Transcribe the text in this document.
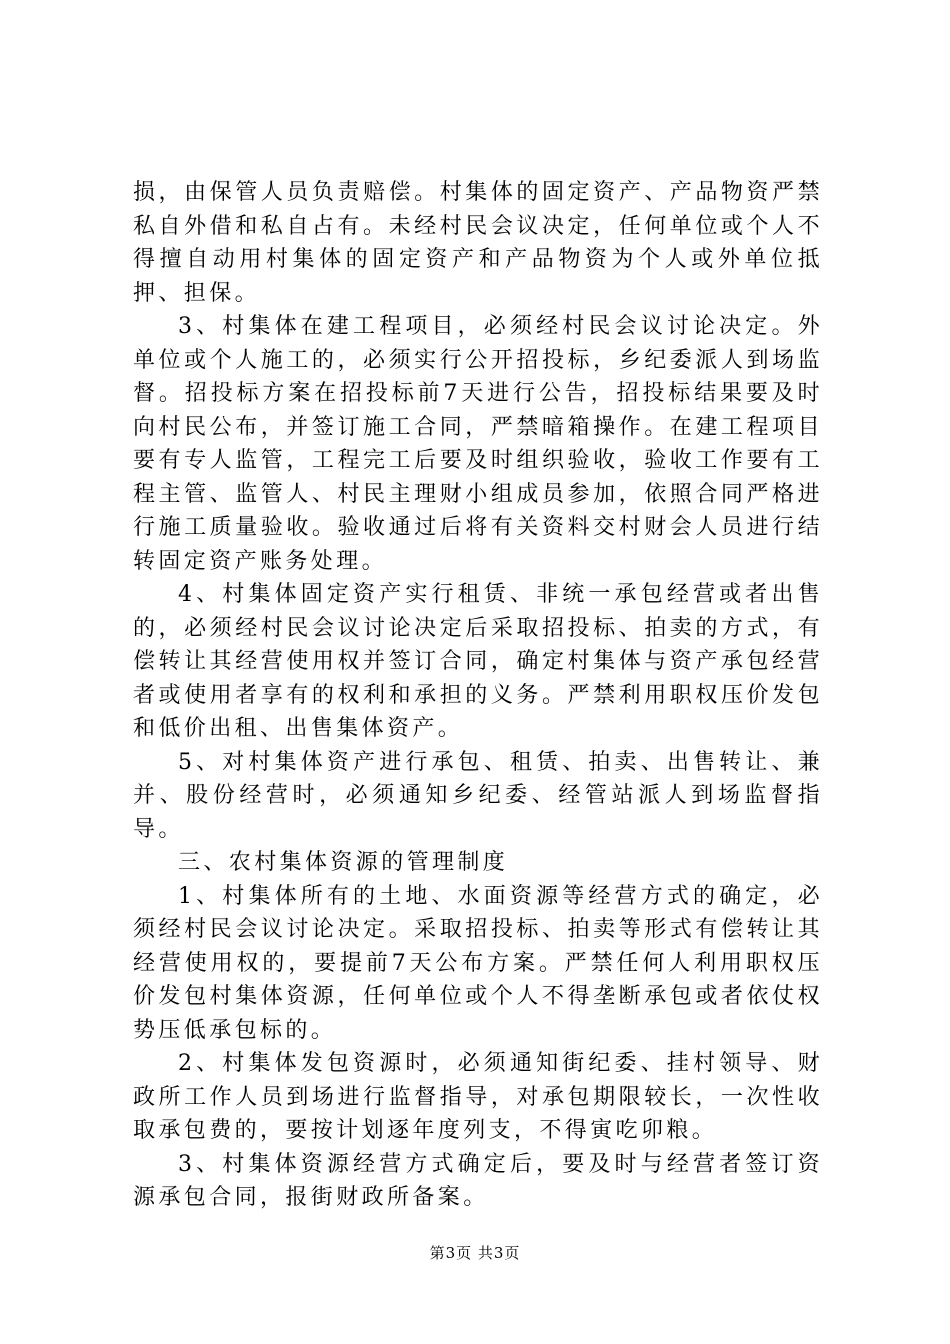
损，由保管人员负责赔偿。村集体的固定资产、产品物资严禁私自外借和私自占有。未经村民会议决定，任何单位或个人不得擅自动用村集体的固定资产和产品物资为个人或外单位抵押、担保。

3、村集体在建工程项目，必须经村民会议讨论决定。外单位或个人施工的，必须实行公开招投标，乡纪委派人到场监督。招投标方案在招投标前7天进行公告，招投标结果要及时向村民公布，并签订施工合同，严禁暗箱操作。在建工程项目要有专人监管，工程完工后要及时组织验收，验收工作要有工程主管、监管人、村民主理财小组成员参加，依照合同严格进行施工质量验收。验收通过后将有关资料交村财会人员进行结转固定资产账务处理。

4、村集体固定资产实行租赁、非统一承包经营或者出售的，必须经村民会议讨论决定后采取招投标、拍卖的方式，有偿转让其经营使用权并签订合同，确定村集体与资产承包经营者或使用者享有的权利和承担的义务。严禁利用职权压价发包和低价出租、出售集体资产。

5、对村集体资产进行承包、租赁、拍卖、出售转让、兼并、股份经营时，必须通知乡纪委、经管站派人到场监督指导。

三、农村集体资源的管理制度

1、村集体所有的土地、水面资源等经营方式的确定，必须经村民会议讨论决定。采取招投标、拍卖等形式有偿转让其经营使用权的，要提前7天公布方案。严禁任何人利用职权压价发包村集体资源，任何单位或个人不得垄断承包或者依仗权势压低承包标的。

2、村集体发包资源时，必须通知街纪委、挂村领导、财政所工作人员到场进行监督指导，对承包期限较长，一次性收取承包费的，要按计划逐年度列支，不得寅吃卯粮。

3、村集体资源经营方式确定后，要及时与经营者签订资源承包合同，报街财政所备案。

第3页 共3页
